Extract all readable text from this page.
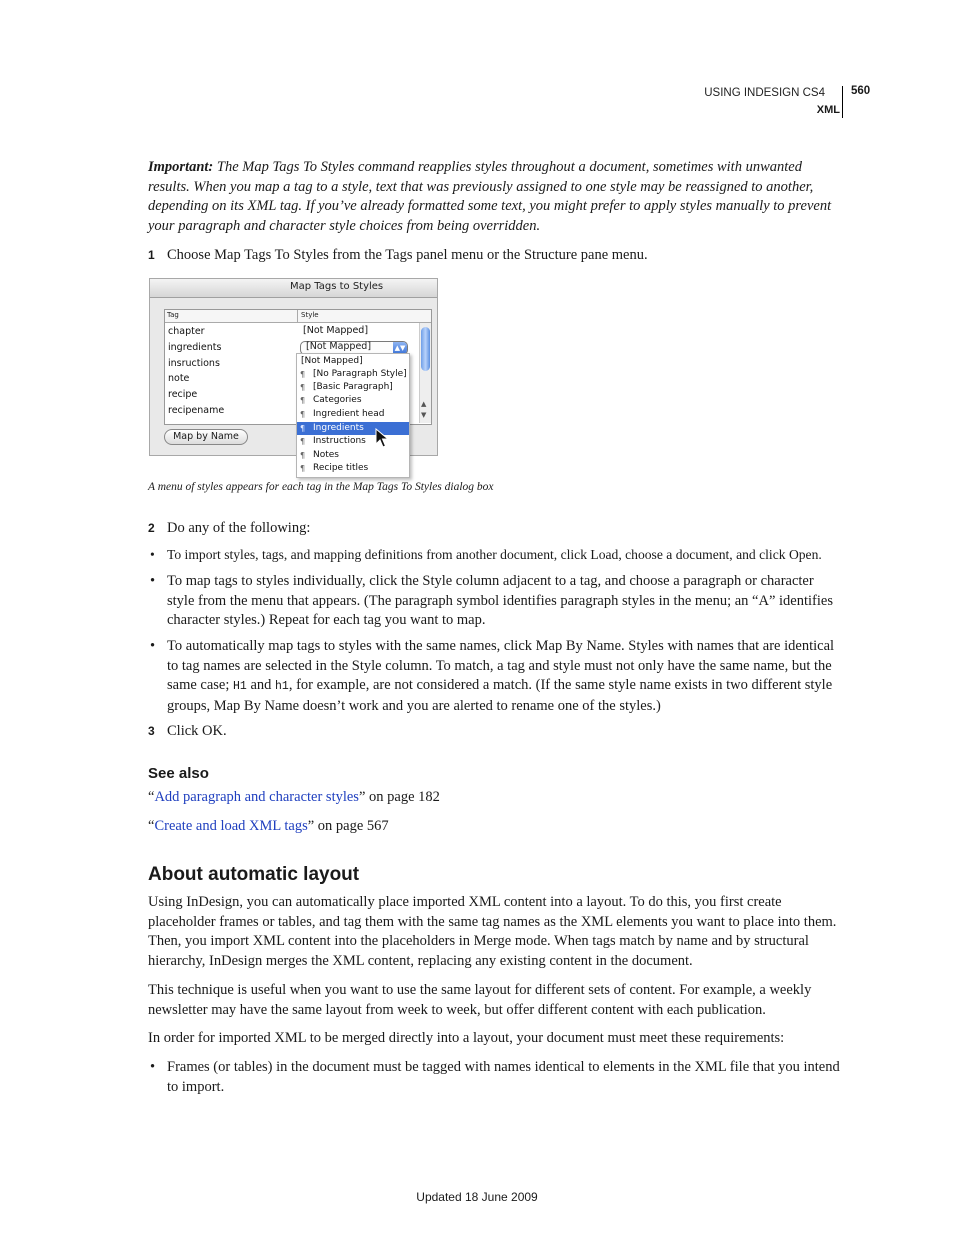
USING INDESIGN CS4
XML
560
Important: The Map Tags To Styles command reapplies styles throughout a document, sometimes with unwanted results. When you map a tag to a style, text that was previously assigned to one style may be reassigned to another, depending on its XML tag. If you’ve already formatted some text, you might prefer to apply styles manually to prevent your paragraph and character style choices from being overridden.
1 Choose Map Tags To Styles from the Tags panel menu or the Structure pane menu.
Map Tags to Styles
Tag	Style
chapter
ingredients
insructions
note
recipe
recipename
[Not Mapped]
[Not Mapped]	▲▼
▲
▼
Map by Name
[Not Mapped]
¶ [No Paragraph Style]
¶ [Basic Paragraph]
¶ Categories
¶ Ingredient head
¶ Ingredients
¶ Instructions
¶ Notes
¶ Recipe titles
A menu of styles appears for each tag in the Map Tags To Styles dialog box
2 Do any of the following:
• To import styles, tags, and mapping definitions from another document, click Load, choose a document, and click Open.
• To map tags to styles individually, click the Style column adjacent to a tag, and choose a paragraph or character style from the menu that appears. (The paragraph symbol identifies paragraph styles in the menu; an “A” identifies character styles.) Repeat for each tag you want to map.
• To automatically map tags to styles with the same names, click Map By Name. Styles with names that are identical to tag names are selected in the Style column. To match, a tag and style must not only have the same name, but the same case; H1 and h1, for example, are not considered a match. (If the same style name exists in two different style groups, Map By Name doesn’t work and you are alerted to rename one of the styles.)
3 Click OK.
See also
“Add paragraph and character styles” on page 182
“Create and load XML tags” on page 567
About automatic layout
Using InDesign, you can automatically place imported XML content into a layout. To do this, you first create placeholder frames or tables, and tag them with the same tag names as the XML elements you want to place into them. Then, you import XML content into the placeholders in Merge mode. When tags match by name and by structural hierarchy, InDesign merges the XML content, replacing any existing content in the document.
This technique is useful when you want to use the same layout for different sets of content. For example, a weekly newsletter may have the same layout from week to week, but offer different content with each publication.
In order for imported XML to be merged directly into a layout, your document must meet these requirements:
• Frames (or tables) in the document must be tagged with names identical to elements in the XML file that you intend to import.
Updated 18 June 2009
